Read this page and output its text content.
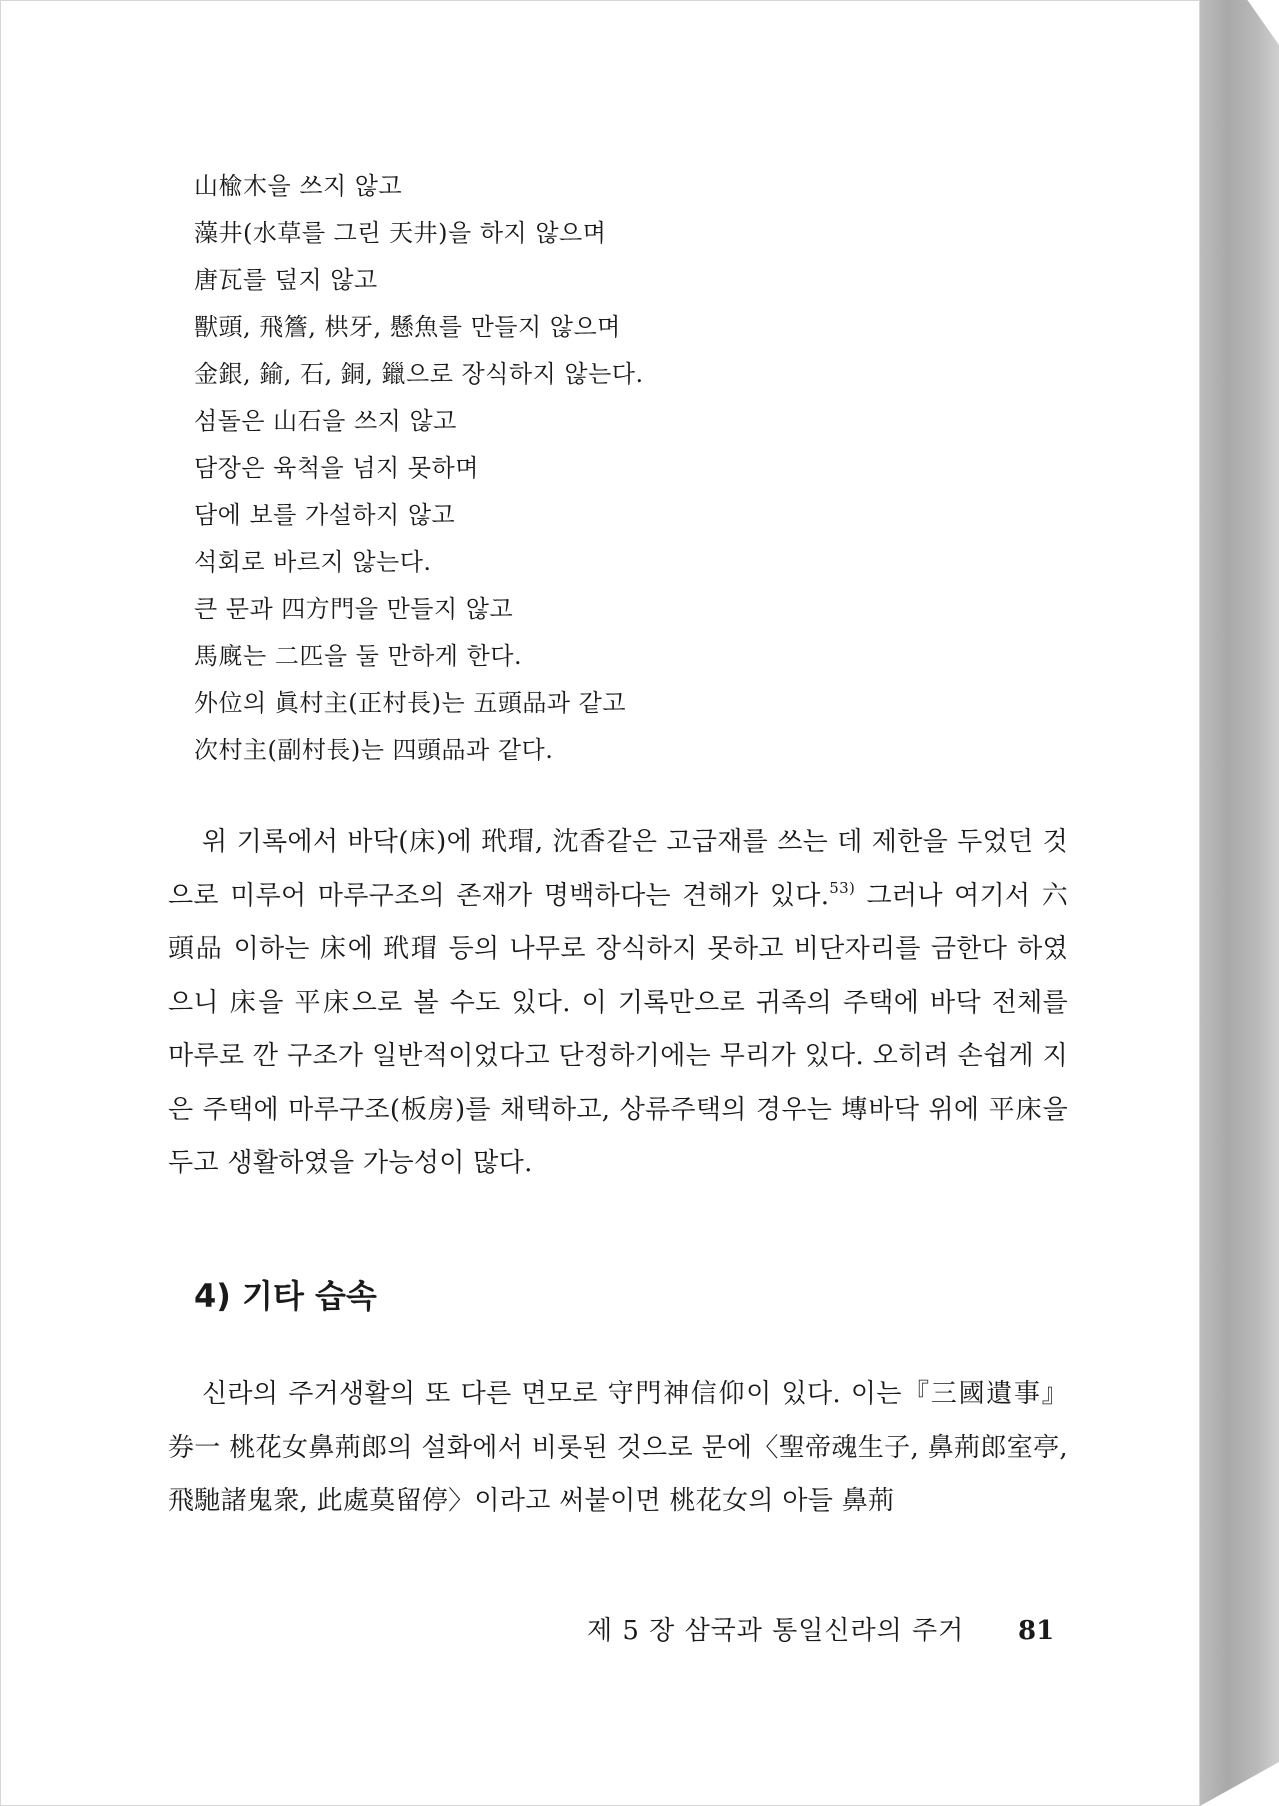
山楡木을 쓰지 않고
藻井(水草를 그린 天井)을 하지 않으며
唐瓦를 덮지 않고
獸頭, 飛簷, 栱牙, 懸魚를 만들지 않으며
金銀, 鍮, 石, 銅, 鑞으로 장식하지 않는다.
섬돌은 山石을 쓰지 않고
담장은 육척을 넘지 못하며
담에 보를 가설하지 않고
석회로 바르지 않는다.
큰 문과 四方門을 만들지 않고
馬廐는 二匹을 둘 만하게 한다.
外位의 眞村主(正村長)는 五頭品과 같고
次村主(副村長)는 四頭品과 같다.

위 기록에서 바닥(床)에 玳瑁, 沈香같은 고급재를 쓰는 데 제한을 두었던 것으로 미루어 마루구조의 존재가 명백하다는 견해가 있다.$^{53)}$ 그러나 여기서 六頭品 이하는 床에 玳瑁 등의 나무로 장식하지 못하고 비단자리를 금한다 하였으니 床을 平床으로 볼 수도 있다. 이 기록만으로 귀족의 주택에 바닥 전체를 마루로 깐 구조가 일반적이었다고 단정하기에는 무리가 있다. 오히려 손쉽게 지은 주택에 마루구조(板房)를 채택하고, 상류주택의 경우는 塼바닥 위에 平床을 두고 생활하였을 가능성이 많다.

4) 기타 습속

신라의 주거생활의 또 다른 면모로 守門神信仰이 있다. 이는『三國遺事』券一 桃花女鼻荊郎의 설화에서 비롯된 것으로 문에〈聖帝魂生子, 鼻荊郎室亭, 飛馳諸鬼衆, 此處莫留停〉이라고 써붙이면 桃花女의 아들 鼻荊

제 5 장 삼국과 통일신라의 주거 81
